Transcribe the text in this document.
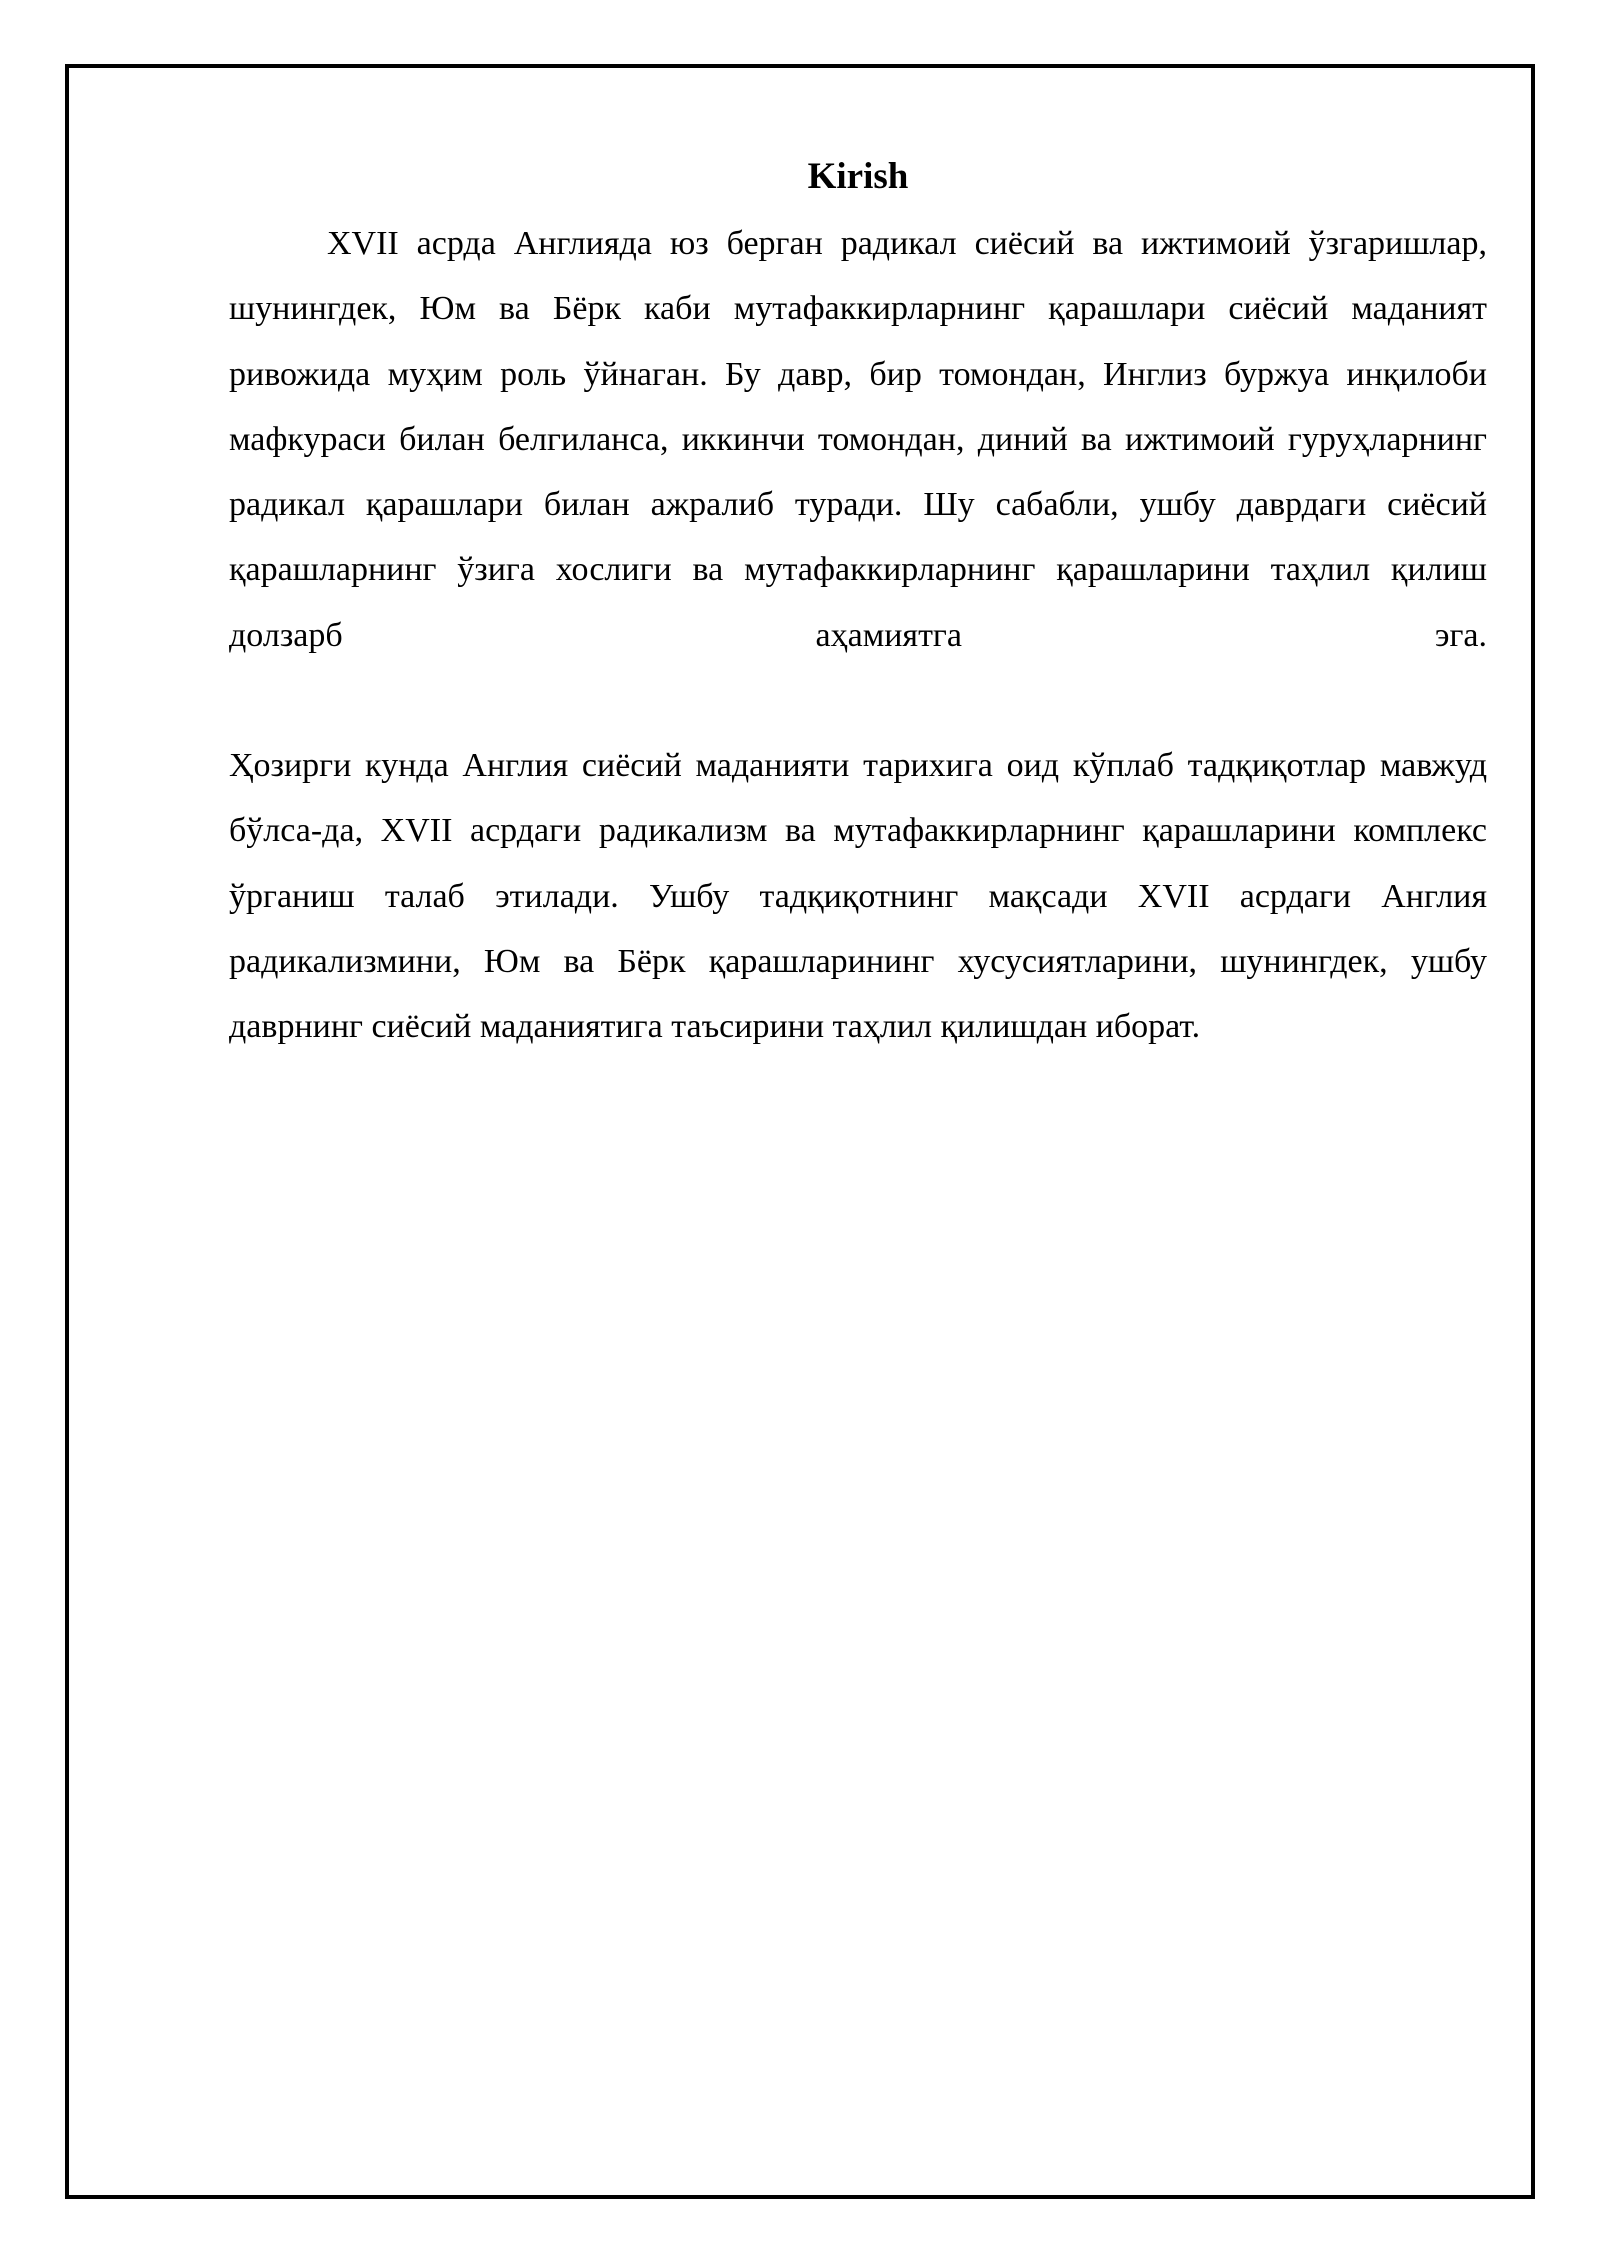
Kirish

XVII асрда Англияда юз берган радикал сиёсий ва ижтимоий ўзгаришлар, шунингдек, Юм ва Бёрк каби мутафаккирларнинг қарашлари сиёсий маданият ривожида муҳим роль ўйнаган. Бу давр, бир томондан, Инглиз буржуа инқилоби мафкураси билан белгиланса, иккинчи томондан, диний ва ижтимоий гуруҳларнинг радикал қарашлари билан ажралиб туради. Шу сабабли, ушбу даврдаги сиёсий қарашларнинг ўзига хослиги ва мутафаккирларнинг қарашларини таҳлил қилиш долзарб аҳамиятга эга.

Ҳозирги кунда Англия сиёсий маданияти тарихига оид кўплаб тадқиқотлар мавжуд бўлса-да, XVII асрдаги радикализм ва мутафаккирларнинг қарашларини комплекс ўрганиш талаб этилади. Ушбу тадқиқотнинг мақсади XVII асрдаги Англия радикализмини, Юм ва Бёрк қарашларининг хусусиятларини, шунингдек, ушбу даврнинг сиёсий маданиятига таъсирини таҳлил қилишдан иборат.
